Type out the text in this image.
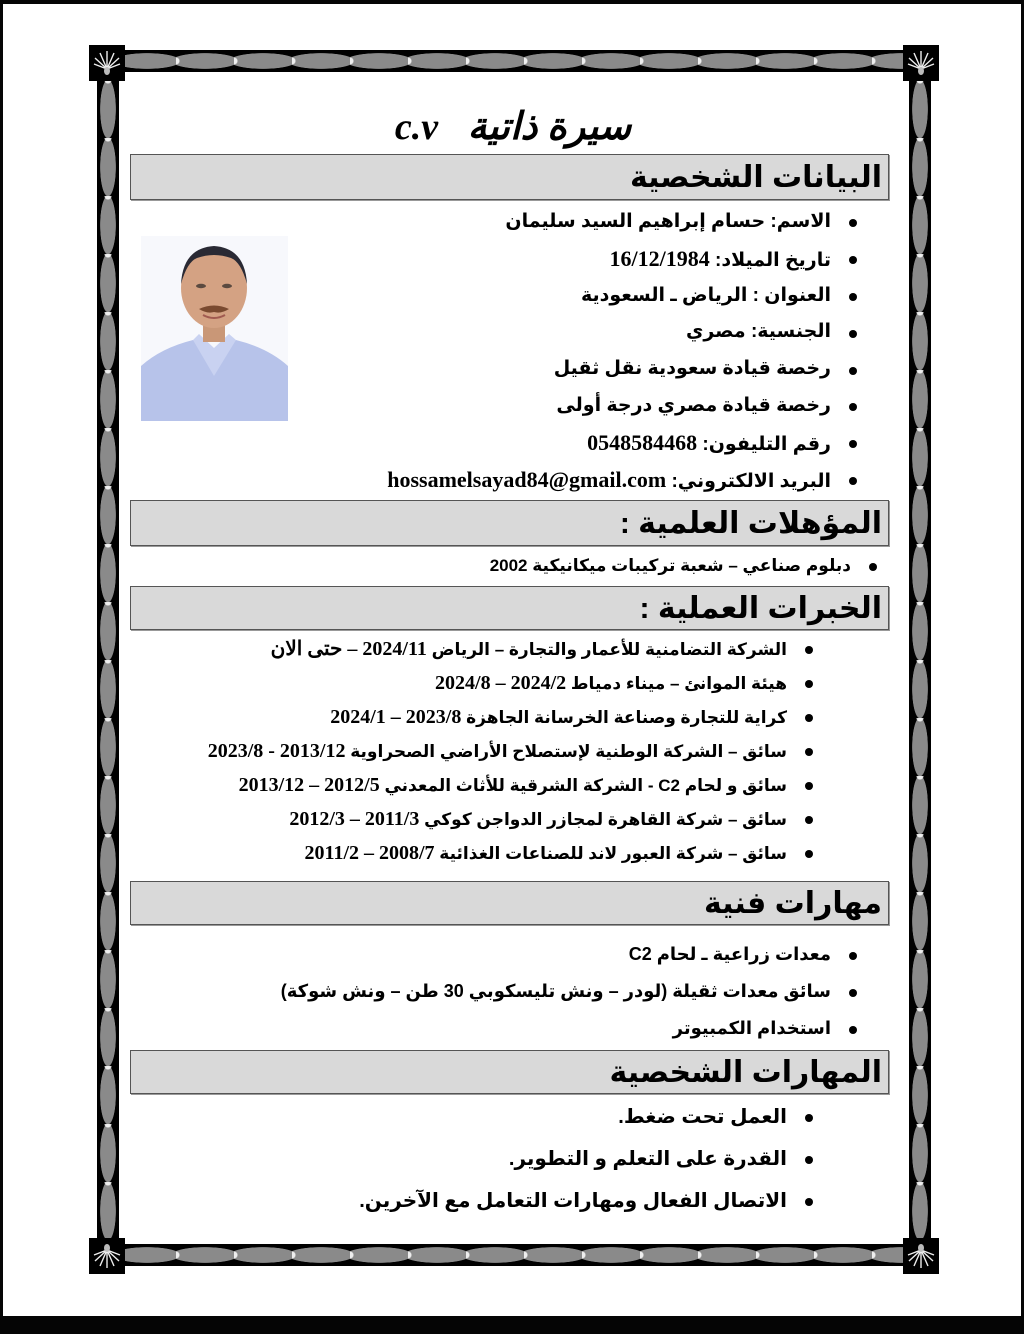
سيرة ذاتية c.v
البيانات الشخصية
الاسم: حسام إبراهيم السيد سليمان
تاريخ الميلاد: 16/12/1984
العنوان : الرياض ـ السعودية
الجنسية: مصري
رخصة قيادة سعودية نقل ثقيل
رخصة قيادة مصري درجة أولى
رقم التليفون: 0548584468
البريد الالكتروني: hossamelsayad84@gmail.com
المؤهلات العلمية :
دبلوم صناعي – شعبة تركيبات ميكانيكية 2002
الخبرات العملية :
الشركة التضامنية للأعمار والتجارة – الرياض 2024/11 – حتى الان
هيئة الموانئ – ميناء دمياط 2024/2 – 2024/8
كراية للتجارة وصناعة الخرسانة الجاهزة 2023/8 – 2024/1
سائق – الشركة الوطنية لإستصلاح الأراضي الصحراوية 2013/12 - 2023/8
سائق و لحام C2 - الشركة الشرقية للأثاث المعدني 2012/5 – 2013/12
سائق – شركة القاهرة لمجازر الدواجن كوكي 2011/3 – 2012/3
سائق – شركة العبور لاند للصناعات الغذائية 2008/7 – 2011/2
مهارات فنية
معدات زراعية ـ لحام C2
سائق معدات ثقيلة (لودر – ونش تليسكوبي 30 طن – ونش شوكة)
استخدام الكمبيوتر
المهارات الشخصية
العمل تحت ضغط.
القدرة على التعلم و التطوير.
الاتصال الفعال ومهارات التعامل مع الآخرين.
